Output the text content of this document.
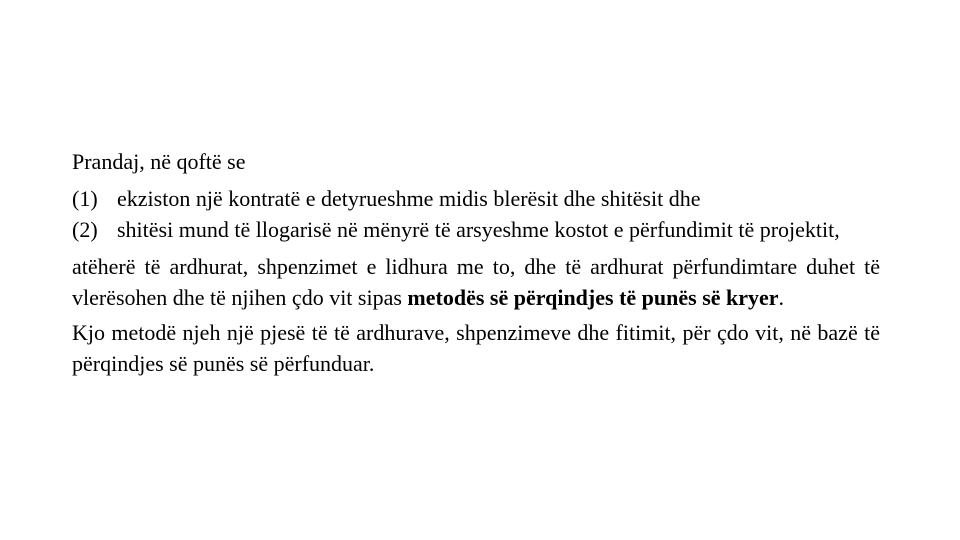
Prandaj, në qoftë se

(1) ekziston një kontratë e detyrueshme midis blerësit dhe shitësit dhe

(2) shitësi mund të llogarisë në mënyrë të arsyeshme kostot e përfundimit të projektit,

atëherë të ardhurat, shpenzimet e lidhura me to, dhe të ardhurat përfundimtare duhet të vlerësohen dhe të njihen çdo vit sipas metodës së përqindjes të punës së kryer.

Kjo metodë njeh një pjesë të të ardhurave, shpenzimeve dhe fitimit, për çdo vit, në bazë të përqindjes së punës së përfunduar.
